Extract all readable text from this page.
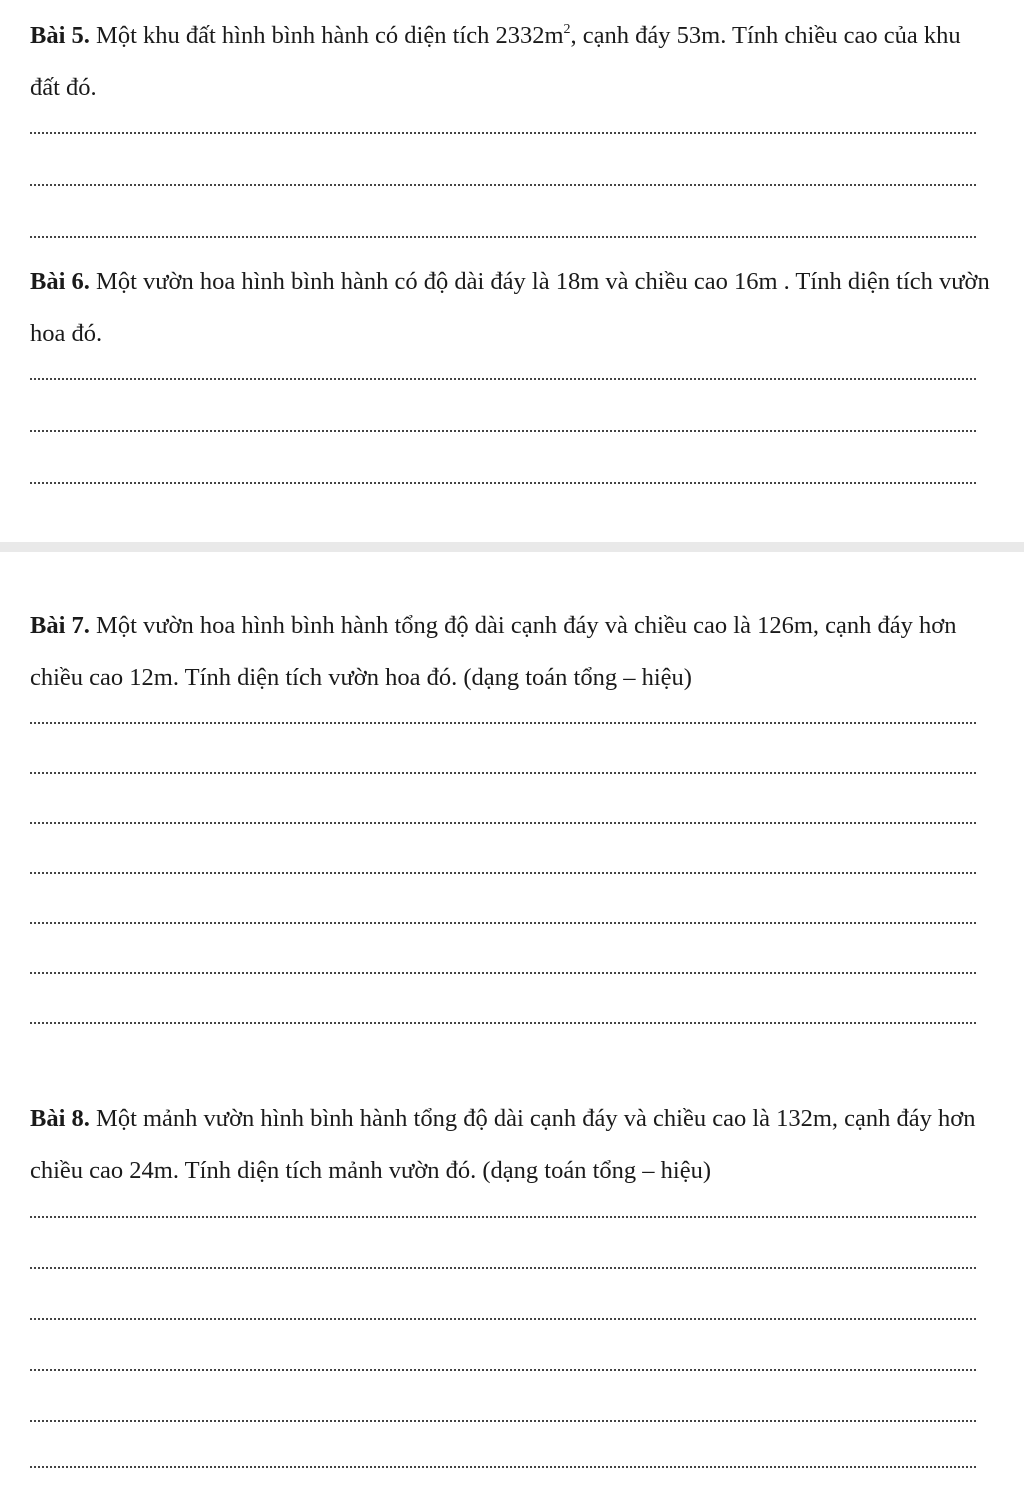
Bài 5. Một khu đất hình bình hành có diện tích $2332m^2$, cạnh đáy 53m. Tính chiều cao của khu đất đó.

Bài 6. Một vườn hoa hình bình hành có độ dài đáy là 18m và chiều cao 16m . Tính diện tích vườn hoa đó.

Bài 7. Một vườn hoa hình bình hành tổng độ dài cạnh đáy và chiều cao là 126m, cạnh đáy hơn chiều cao 12m. Tính diện tích vườn hoa đó. (dạng toán tổng – hiệu)

Bài 8. Một mảnh vườn hình bình hành tổng độ dài cạnh đáy và chiều cao là 132m, cạnh đáy hơn chiều cao 24m. Tính diện tích mảnh vườn đó. (dạng toán tổng – hiệu)
